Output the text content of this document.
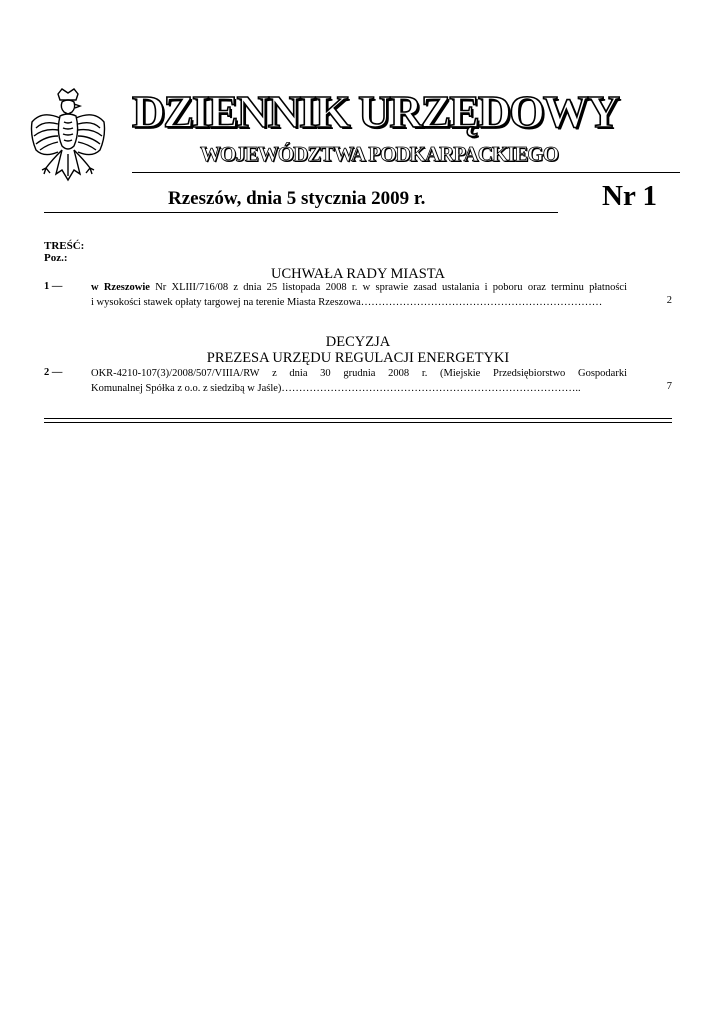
DZIENNIK URZĘDOWY
WOJEWÓDZTWA PODKARPACKIEGO
Rzeszów, dnia 5 stycznia 2009 r.	Nr 1
TREŚĆ:
Poz.:
UCHWAŁA RADY MIASTA
1 —	w Rzeszowie Nr XLIII/716/08 z dnia 25 listopada 2008 r. w sprawie zasad ustalania i poboru oraz terminu płatności
i wysokości stawek opłaty targowej na terenie Miasta Rzeszowa……………………………………………………………	2
DECYZJA
PREZESA URZĘDU REGULACJI ENERGETYKI
2 —	OKR-4210-107(3)/2008/507/VIIIA/RW z dnia 30 grudnia 2008 r. (Miejskie Przedsiębiorstwo Gospodarki
Komunalnej Spółka z o.o. z siedzibą w Jaśle)…………………………………………………………………………..	7
